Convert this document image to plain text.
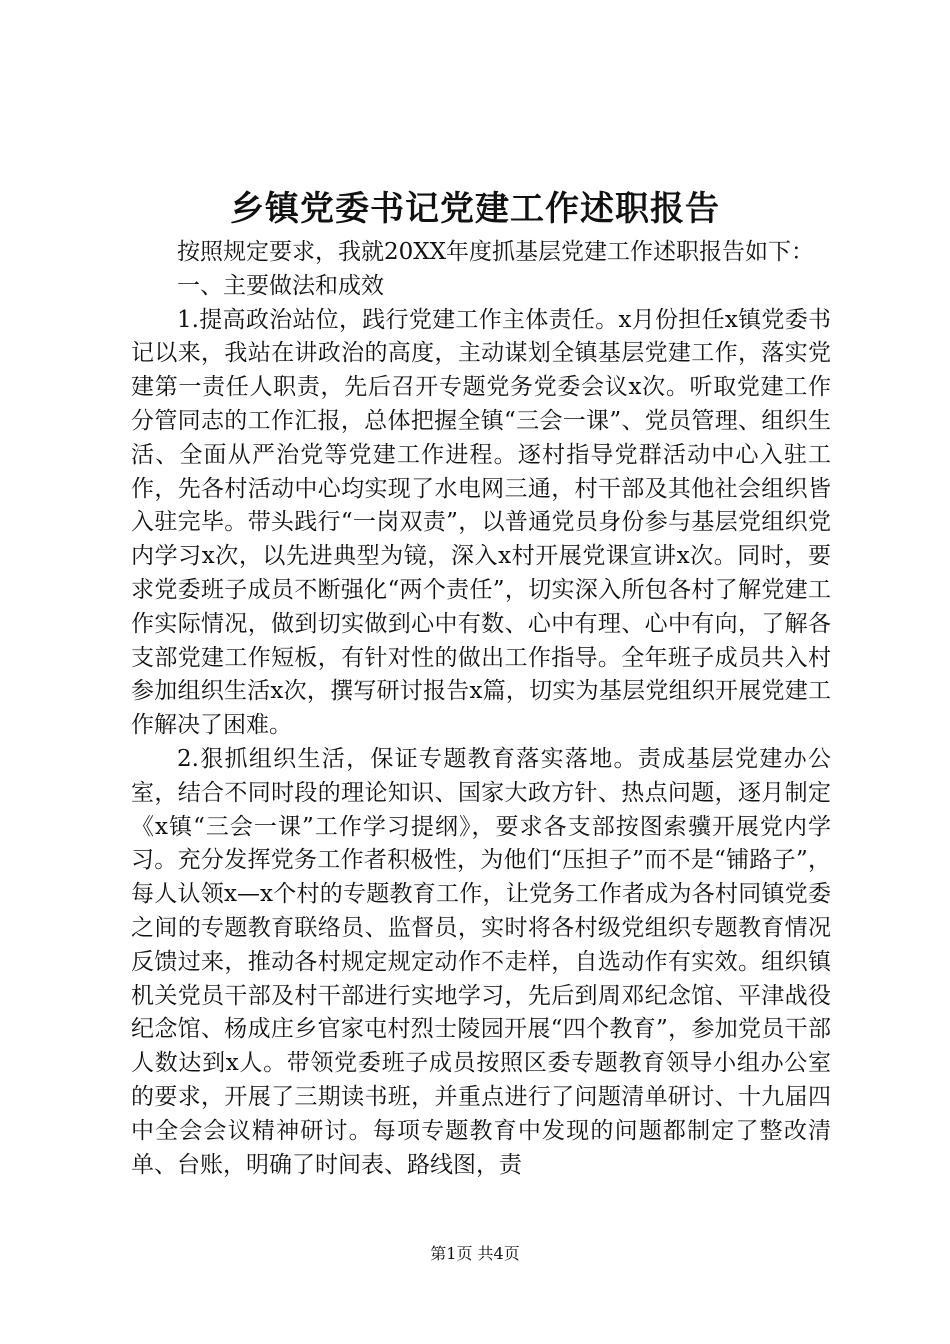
乡镇党委书记党建工作述职报告

按照规定要求，我就20XX年度抓基层党建工作述职报告如下：

一、主要做法和成效

1.提高政治站位，践行党建工作主体责任。x月份担任x镇党委书记以来，我站在讲政治的高度，主动谋划全镇基层党建工作，落实党建第一责任人职责，先后召开专题党务党委会议x次。听取党建工作分管同志的工作汇报，总体把握全镇“三会一课”、党员管理、组织生活、全面从严治党等党建工作进程。逐村指导党群活动中心入驻工作，先各村活动中心均实现了水电网三通，村干部及其他社会组织皆入驻完毕。带头践行“一岗双责”，以普通党员身份参与基层党组织党内学习x次，以先进典型为镜，深入x村开展党课宣讲x次。同时，要求党委班子成员不断强化“两个责任”，切实深入所包各村了解党建工作实际情况，做到切实做到心中有数、心中有理、心中有向，了解各支部党建工作短板，有针对性的做出工作指导。全年班子成员共入村参加组织生活x次，撰写研讨报告x篇，切实为基层党组织开展党建工作解决了困难。

2.狠抓组织生活，保证专题教育落实落地。责成基层党建办公室，结合不同时段的理论知识、国家大政方针、热点问题，逐月制定《x镇“三会一课”工作学习提纲》，要求各支部按图索骥开展党内学习。充分发挥党务工作者积极性，为他们“压担子”而不是“铺路子”，每人认领x—x个村的专题教育工作，让党务工作者成为各村同镇党委之间的专题教育联络员、监督员，实时将各村级党组织专题教育情况反馈过来，推动各村规定规定动作不走样，自选动作有实效。组织镇机关党员干部及村干部进行实地学习，先后到周邓纪念馆、平津战役纪念馆、杨成庄乡官家屯村烈士陵园开展“四个教育”，参加党员干部人数达到x人。带领党委班子成员按照区委专题教育领导小组办公室的要求，开展了三期读书班，并重点进行了问题清单研讨、十九届四中全会会议精神研讨。每项专题教育中发现的问题都制定了整改清单、台账，明确了时间表、路线图，责

第1页 共4页
